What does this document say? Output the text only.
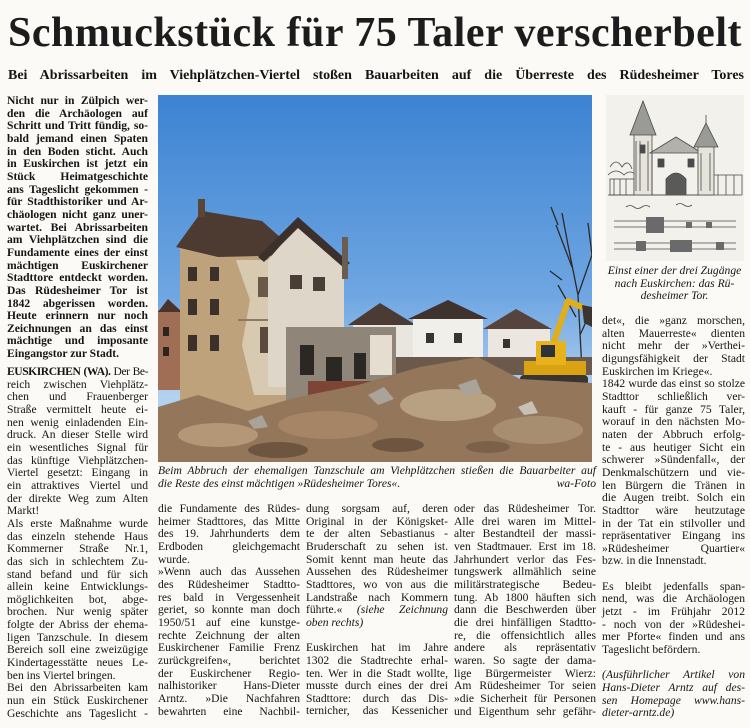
Schmuckstück für 75 Taler verscherbelt
Bei Abrissarbeiten im Viehplätzchen-Viertel stoßen Bauarbeiten auf die Überreste des Rüdesheimer Tores
Nicht nur in Zülpich wer-
den die Archäologen auf
Schritt und Tritt fündig, so-
bald jemand einen Spaten
in den Boden sticht. Auch
in Euskirchen ist jetzt ein
Stück Heimatgeschichte
ans Tageslicht gekommen -
für Stadthistoriker und Ar-
chäologen nicht ganz uner-
wartet. Bei Abrissarbeiten
am Viehplätzchen sind die
Fundamente eines der einst
mächtigen Euskirchener
Stadttore entdeckt worden.
Das Rüdesheimer Tor ist
1842 abgerissen worden.
Heute erinnern nur noch
Zeichnungen an das einst
mächtige und imposante
Eingangstor zur Stadt.
EUSKIRCHEN (WA). Der Be-
reich zwischen Viehplätz-
chen und Frauenberger
Straße vermittelt heute ei-
nen wenig einladenden Ein-
druck. An dieser Stelle wird
ein wesentliches Signal für
das künftige Viehplätzchen-
Viertel gesetzt: Eingang in
ein attraktives Viertel und
der direkte Weg zum Alten
Markt!
Als erste Maßnahme wurde
das einzeln stehende Haus
Kommerner Straße Nr.1,
das sich in schlechtem Zu-
stand befand und für sich
allein keine Entwicklungs-
möglichkeiten bot, abge-
brochen. Nur wenig später
folgte der Abriss der ehema-
ligen Tanzschule. In diesem
Bereich soll eine zweizügige
Kindertagesstätte neues Le-
ben ins Viertel bringen.
Bei den Abrissarbeiten kam
nun ein Stück Euskirchener
Geschichte ans Tageslicht -
Beim Abbruch der ehemaligen Tanzschule am Viehplätzchen stießen die Bauarbeiter auf
die Reste des einst mächtigen »Rüdesheimer Tores«.	wa-Foto
Einst einer der drei Zugänge
nach Euskirchen: das Rü-
desheimer Tor.
die Fundamente des Rüdes-
heimer Stadttores, das Mitte
des 19. Jahrhunderts dem
Erdboden gleichgemacht
wurde.
»Wenn auch das Aussehen
des Rüdesheimer Stadtto-
res bald in Vergessenheit
geriet, so konnte man doch
1950/51 auf eine kunstge-
rechte Zeichnung der alten
Euskirchener Familie Frenz
zurückgreifen«, berichtet
der Euskirchener Regio-
nalhistoriker Hans-Dieter
Arntz. »Die Nachfahren
bewahrten eine Nachbil-
dung sorgsam auf, deren
Original in der Königsket-
te der alten Sebastianus -
Bruderschaft zu sehen ist.
Somit kennt man heute das
Aussehen des Rüdesheimer
Stadttores, wo von aus die
Landstraße nach Kommern
führte.« (siehe Zeichnung
oben rechts)
Euskirchen hat im Jahre
1302 die Stadtrechte erhal-
ten. Wer in die Stadt wollte,
musste durch eines der drei
Stadttore: durch das Dis-
ternicher, das Kessenicher
oder das Rüdesheimer Tor.
Alle drei waren im Mittel-
alter Bestandteil der massi-
ven Stadtmauer. Erst im 18.
Jahrhundert verlor das Fes-
tungswerk allmählich seine
militärstrategische Bedeu-
tung. Ab 1800 häuften sich
dann die Beschwerden über
die drei hinfälligen Stadtto-
re, die offensichtlich alles
andere als repräsentativ
waren. So sagte der dama-
lige Bürgermeister Wierz:
Am Rüdesheimer Tor seien
»die Sicherheit für Personen
und Eigenthum sehr gefähr-
det«, die »ganz morschen,
alten Mauerreste« dienten
nicht mehr der »Verthei-
digungsfähigkeit der Stadt
Euskirchen im Kriege«.
1842 wurde das einst so stolze
Stadttor schließlich ver-
kauft - für ganze 75 Taler,
worauf in den nächsten Mo-
naten der Abbruch erfolg-
te - aus heutiger Sicht ein
schwerer »Sündenfall«, der
Denkmalschützern und vie-
len Bürgern die Tränen in
die Augen treibt. Solch ein
Stadttor wäre heutzutage
in der Tat ein stilvoller und
repräsentativer Eingang ins
»Rüdesheimer Quartier«
bzw. in die Innenstadt.
Es bleibt jedenfalls span-
nend, was die Archäologen
jetzt - im Frühjahr 2012
- noch von der »Rüdeshei-
mer Pforte« finden und ans
Tageslicht befördern.
(Ausführlicher Artikel von
Hans-Dieter Arntz auf des-
sen Homepage www.hans-
dieter-arntz.de)
